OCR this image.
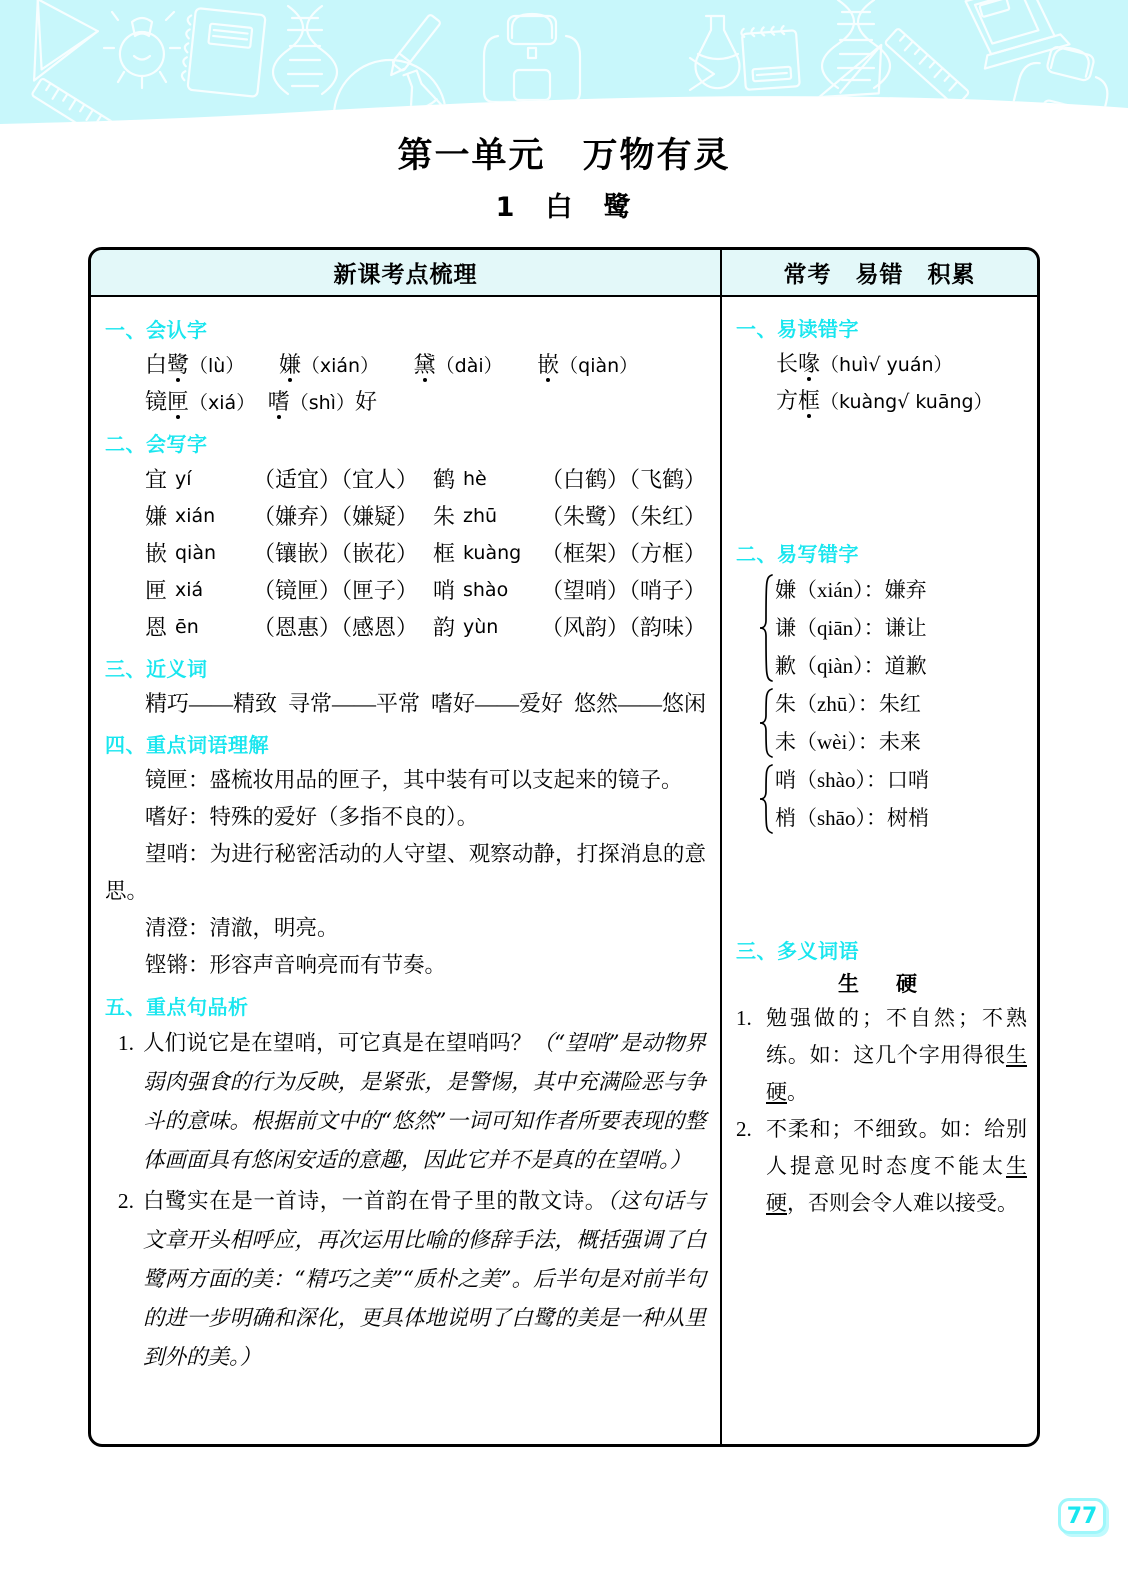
第一单元　万物有灵
1　白　鹭
新课考点梳理	常考　易错　积累
一、会认字
白鹭（lù）　　 嫌（xián）　　 黛（dài）　　 嵌（qiàn）
镜匣（xiá）　 嗜（shì）好
二、会写字
宜 yí	（适宜）（宜人） 鹤 hè	（白鹤）（飞鹤）
嫌 xián	（嫌弃）（嫌疑） 朱 zhū	（朱鹭）（朱红）
嵌 qiàn	（镶嵌）（嵌花） 框 kuàng （框架）（方框）
匣 xiá	（镜匣）（匣子） 哨 shào	（望哨）（哨子）
恩 ēn	（恩惠）（感恩） 韵 yùn	（风韵）（韵味）
三、近义词
精巧——精致  寻常——平常  嗜好——爱好  悠然——悠闲
四、重点词语理解
镜匣：盛梳妆用品的匣子，其中装有可以支起来的镜子。
嗜好：特殊的爱好（多指不良的）。
望哨：为进行秘密活动的人守望、观察动静，打探消息的意思。
清澄：清澈，明亮。
铿锵：形容声音响亮而有节奏。
五、重点句品析
1. 人们说它是在望哨，可它真是在望哨吗？（“望哨”是动物界弱肉强食的行为反映，是紧张，是警惕，其中充满险恶与争斗的意味。根据前文中的“悠然”一词可知作者所要表现的整体画面具有悠闲安适的意趣，因此它并不是真的在望哨。）
2. 白鹭实在是一首诗，一首韵在骨子里的散文诗。（这句话与文章开头相呼应，再次运用比喻的修辞手法，概括强调了白鹭两方面的美：“精巧之美”“质朴之美”。后半句是对前半句的进一步明确和深化，更具体地说明了白鹭的美是一种从里到外的美。）
一、易读错字
长喙（huì√ yuán）
方框（kuàng√ kuāng）
二、易写错字
嫌（xián）：嫌弃
谦（qiān）：谦让
歉（qiàn）：道歉
朱（zhū）：朱红
未（wèi）：未来
哨（shào）：口哨
梢（shāo）：树梢
三、多义词语
生　硬
1. 勉强做的；不自然；不熟练。如：这几个字用得很生硬。
2. 不柔和；不细致。如：给别人提意见时态度不能太生硬，否则会令人难以接受。
77
